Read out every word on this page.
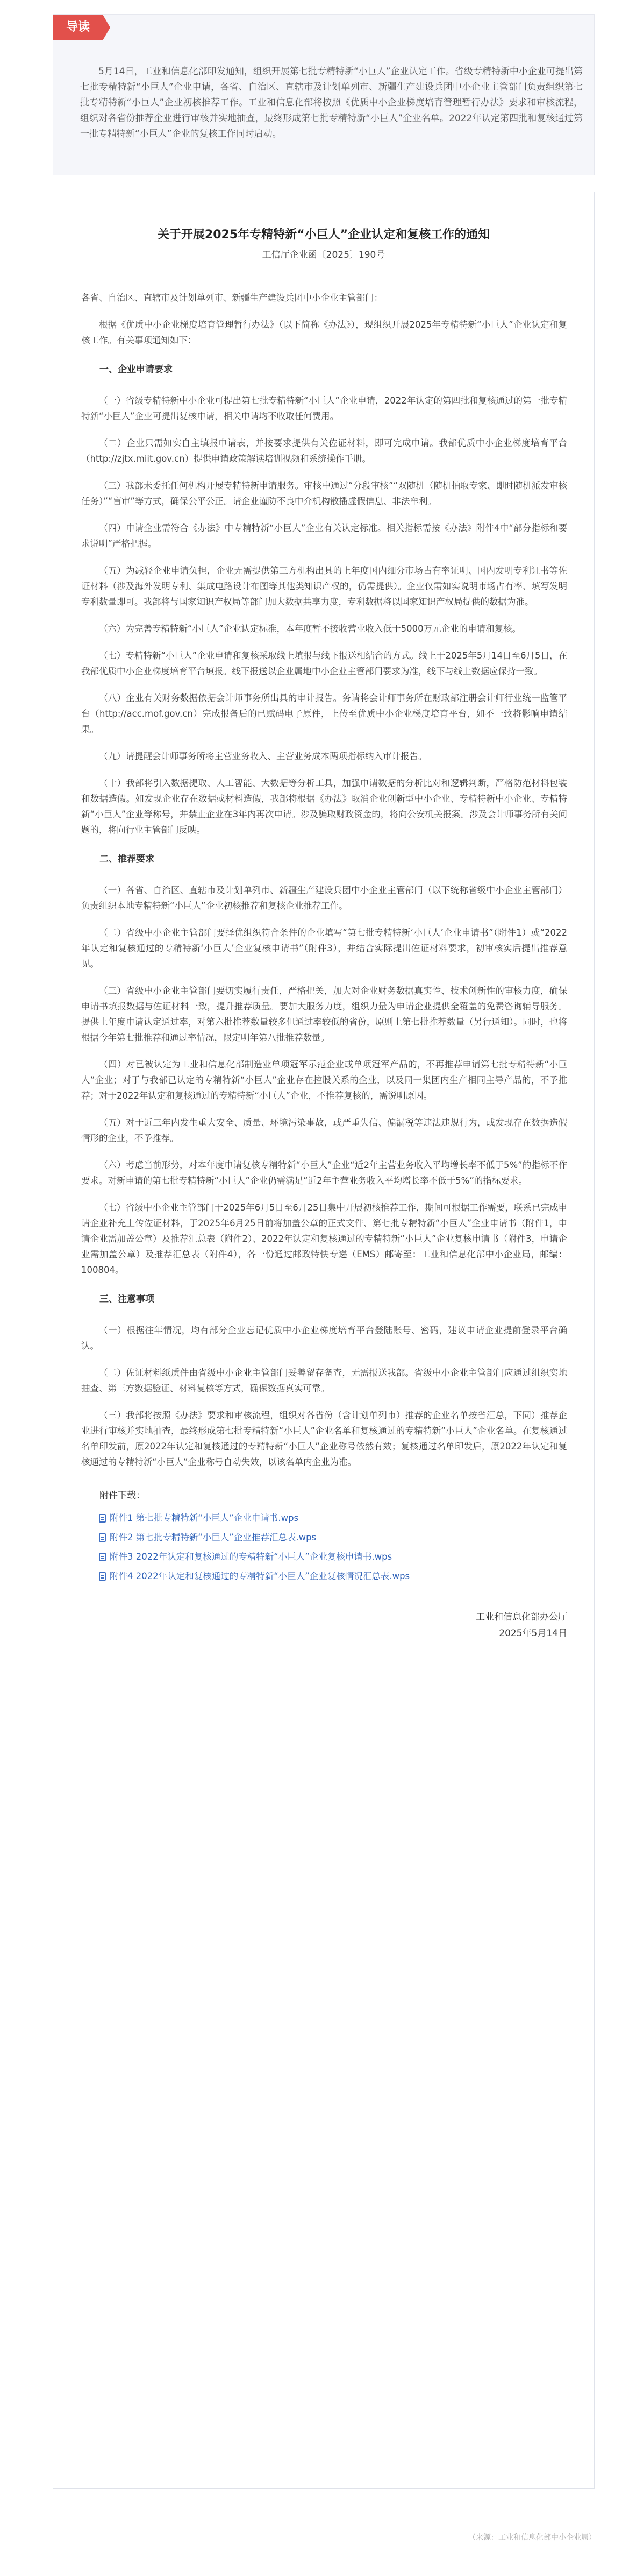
导读

5月14日，工业和信息化部印发通知，组织开展第七批专精特新“小巨人”企业认定工作。省级专精特新中小企业可提出第七批专精特新“小巨人”企业申请，各省、自治区、直辖市及计划单列市、新疆生产建设兵团中小企业主管部门负责组织第七批专精特新“小巨人”企业初核推荐工作。工业和信息化部将按照《优质中小企业梯度培育管理暂行办法》要求和审核流程，组织对各省份推荐企业进行审核并实地抽查，最终形成第七批专精特新“小巨人”企业名单。2022年认定第四批和复核通过第一批专精特新“小巨人”企业的复核工作同时启动。

关于开展2025年专精特新“小巨人”企业认定和复核工作的通知
工信厅企业函〔2025〕190号

各省、自治区、直辖市及计划单列市、新疆生产建设兵团中小企业主管部门：

根据《优质中小企业梯度培育管理暂行办法》（以下简称《办法》），现组织开展2025年专精特新“小巨人”企业认定和复核工作。有关事项通知如下：

一、企业申请要求

（一）省级专精特新中小企业可提出第七批专精特新“小巨人”企业申请，2022年认定的第四批和复核通过的第一批专精特新“小巨人”企业可提出复核申请，相关申请均不收取任何费用。

（二）企业只需如实自主填报申请表，并按要求提供有关佐证材料，即可完成申请。我部优质中小企业梯度培育平台（http://zjtx.miit.gov.cn）提供申请政策解读培训视频和系统操作手册。

（三）我部未委托任何机构开展专精特新申请服务。审核中通过“分段审核”“双随机（随机抽取专家、即时随机派发审核任务）”“盲审”等方式，确保公平公正。请企业谨防不良中介机构散播虚假信息、非法牟利。

（四）申请企业需符合《办法》中专精特新“小巨人”企业有关认定标准。相关指标需按《办法》附件4中“部分指标和要求说明”严格把握。

（五）为减轻企业申请负担，企业无需提供第三方机构出具的上年度国内细分市场占有率证明、国内发明专利证书等佐证材料（涉及海外发明专利、集成电路设计布图等其他类知识产权的，仍需提供）。企业仅需如实说明市场占有率、填写发明专利数量即可。我部将与国家知识产权局等部门加大数据共享力度，专利数据将以国家知识产权局提供的数据为准。

（六）为完善专精特新“小巨人”企业认定标准，本年度暂不接收营业收入低于5000万元企业的申请和复核。

（七）专精特新“小巨人”企业申请和复核采取线上填报与线下报送相结合的方式。线上于2025年5月14日至6月5日，在我部优质中小企业梯度培育平台填报。线下报送以企业属地中小企业主管部门要求为准，线下与线上数据应保持一致。

（八）企业有关财务数据依据会计师事务所出具的审计报告。务请将会计师事务所在财政部注册会计师行业统一监管平台（http://acc.mof.gov.cn）完成报备后的已赋码电子原件，上传至优质中小企业梯度培育平台，如不一致将影响申请结果。

（九）请提醒会计师事务所将主营业务收入、主营业务成本两项指标纳入审计报告。

（十）我部将引入数据提取、人工智能、大数据等分析工具，加强申请数据的分析比对和逻辑判断，严格防范材料包装和数据造假。如发现企业存在数据或材料造假，我部将根据《办法》取消企业创新型中小企业、专精特新中小企业、专精特新“小巨人”企业等称号，并禁止企业在3年内再次申请。涉及骗取财政资金的，将向公安机关报案。涉及会计师事务所有关问题的，将向行业主管部门反映。

二、推荐要求

（一）各省、自治区、直辖市及计划单列市、新疆生产建设兵团中小企业主管部门（以下统称省级中小企业主管部门）负责组织本地专精特新“小巨人”企业初核推荐和复核企业推荐工作。

（二）省级中小企业主管部门要择优组织符合条件的企业填写“第七批专精特新‘小巨人’企业申请书”（附件1）或“2022年认定和复核通过的专精特新‘小巨人’企业复核申请书”（附件3），并结合实际提出佐证材料要求，初审核实后提出推荐意见。

（三）省级中小企业主管部门要切实履行责任，严格把关，加大对企业财务数据真实性、技术创新性的审核力度，确保申请书填报数据与佐证材料一致，提升推荐质量。要加大服务力度，组织力量为申请企业提供全覆盖的免费咨询辅导服务。提供上年度申请认定通过率，对第六批推荐数量较多但通过率较低的省份，原则上第七批推荐数量（另行通知）。同时，也将根据今年第七批推荐和通过率情况，限定明年第八批推荐数量。

（四）对已被认定为工业和信息化部制造业单项冠军示范企业或单项冠军产品的，不再推荐申请第七批专精特新“小巨人”企业；对于与我部已认定的专精特新“小巨人”企业存在控股关系的企业，以及同一集团内生产相同主导产品的，不予推荐；对于2022年认定和复核通过的专精特新“小巨人”企业，不推荐复核的，需说明原因。

（五）对于近三年内发生重大安全、质量、环境污染事故，或严重失信、偏漏税等违法违规行为，或发现存在数据造假情形的企业，不予推荐。

（六）考虑当前形势，对本年度申请复核专精特新“小巨人”企业“近2年主营业务收入平均增长率不低于5%”的指标不作要求。对新申请的第七批专精特新“小巨人”企业仍需满足“近2年主营业务收入平均增长率不低于5%”的指标要求。

（七）省级中小企业主管部门于2025年6月5日至6月25日集中开展初核推荐工作，期间可根据工作需要，联系已完成申请企业补充上传佐证材料，于2025年6月25日前将加盖公章的正式文件、第七批专精特新“小巨人”企业申请书（附件1，申请企业需加盖公章）及推荐汇总表（附件2）、2022年认定和复核通过的专精特新“小巨人”企业复核申请书（附件3，申请企业需加盖公章）及推荐汇总表（附件4），各一份通过邮政特快专递（EMS）邮寄至：工业和信息化部中小企业局，邮编：100804。

三、注意事项

（一）根据往年情况，均有部分企业忘记优质中小企业梯度培育平台登陆账号、密码，建议申请企业提前登录平台确认。

（二）佐证材料纸质件由省级中小企业主管部门妥善留存备查，无需报送我部。省级中小企业主管部门应通过组织实地抽查、第三方数据验证、材料复核等方式，确保数据真实可靠。

（三）我部将按照《办法》要求和审核流程，组织对各省份（含计划单列市）推荐的企业名单按省汇总，下同）推荐企业进行审核并实地抽查，最终形成第七批专精特新“小巨人”企业名单和复核通过的专精特新“小巨人”企业名单。在复核通过名单印发前，原2022年认定和复核通过的专精特新“小巨人”企业称号依然有效；复核通过名单印发后，原2022年认定和复核通过的专精特新“小巨人”企业称号自动失效，以该名单内企业为准。

附件下载：
附件1 第七批专精特新“小巨人”企业申请书.wps
附件2 第七批专精特新“小巨人”企业推荐汇总表.wps
附件3 2022年认定和复核通过的专精特新“小巨人”企业复核申请书.wps
附件4 2022年认定和复核通过的专精特新“小巨人”企业复核情况汇总表.wps
工业和信息化部办公厅
2025年5月14日
（来源：工业和信息化部中小企业局）
